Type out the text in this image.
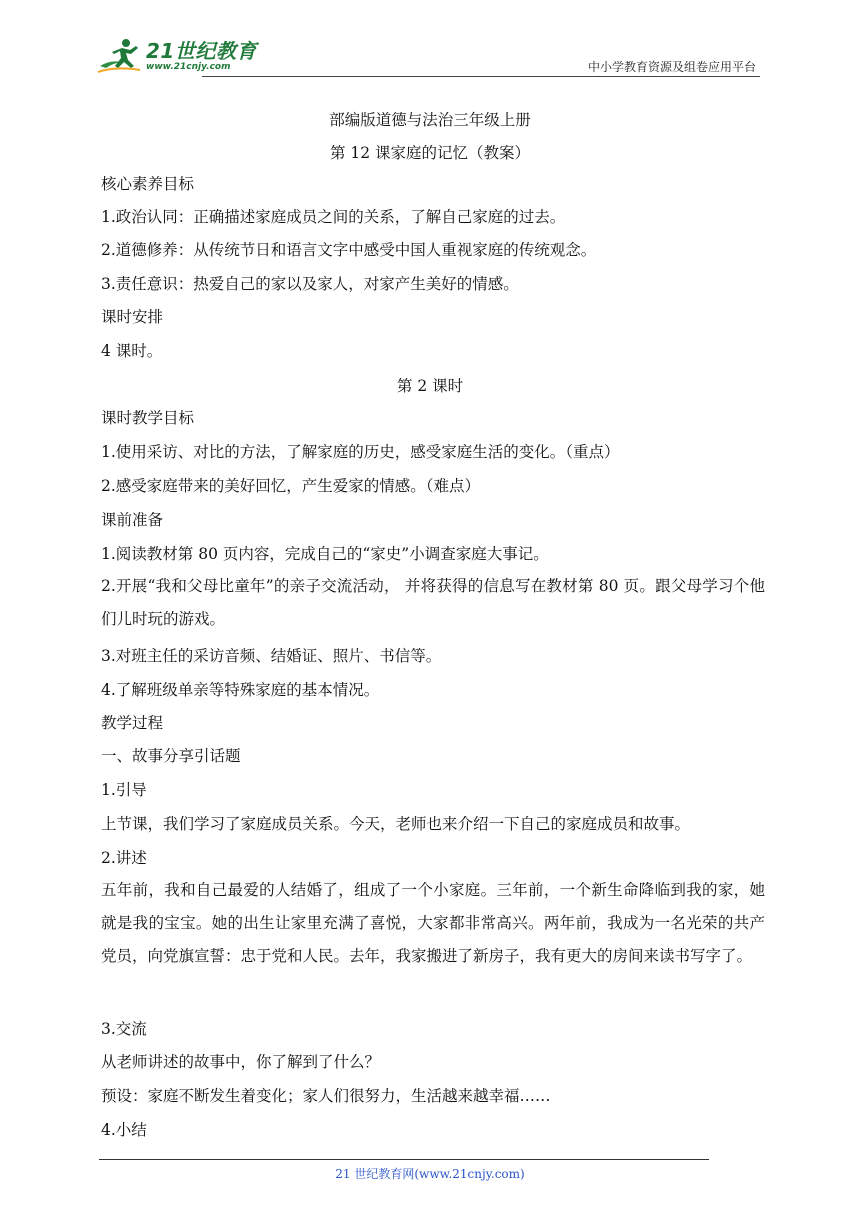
21世纪教育
www.21cnjy.com	中小学教育资源及组卷应用平台
部编版道德与法治三年级上册
第 12 课家庭的记忆（教案）
核心素养目标
1.政治认同：正确描述家庭成员之间的关系，了解自己家庭的过去。
2.道德修养：从传统节日和语言文字中感受中国人重视家庭的传统观念。
3.责任意识：热爱自己的家以及家人，对家产生美好的情感。
课时安排
4 课时。
第 2 课时
课时教学目标
1.使用采访、对比的方法，了解家庭的历史，感受家庭生活的变化。（重点）
2.感受家庭带来的美好回忆，产生爱家的情感。（难点）
课前准备
1.阅读教材第 80 页内容，完成自己的“家史”小调查家庭大事记。
2.开展“我和父母比童年”的亲子交流活动， 并将获得的信息写在教材第 80 页。跟父母学习个他们儿时玩的游戏。
3.对班主任的采访音频、结婚证、照片、书信等。
4.了解班级单亲等特殊家庭的基本情况。
教学过程
一、故事分享引话题
1.引导
上节课，我们学习了家庭成员关系。今天，老师也来介绍一下自己的家庭成员和故事。
2.讲述
五年前，我和自己最爱的人结婚了，组成了一个小家庭。三年前，一个新生命降临到我的家，她就是我的宝宝。她的出生让家里充满了喜悦，大家都非常高兴。两年前，我成为一名光荣的共产党员，向党旗宣誓：忠于党和人民。去年，我家搬进了新房子，我有更大的房间来读书写字了。
3.交流
从老师讲述的故事中，你了解到了什么？
预设：家庭不断发生着变化；家人们很努力，生活越来越幸福……
4.小结
21 世纪教育网(www.21cnjy.com)
